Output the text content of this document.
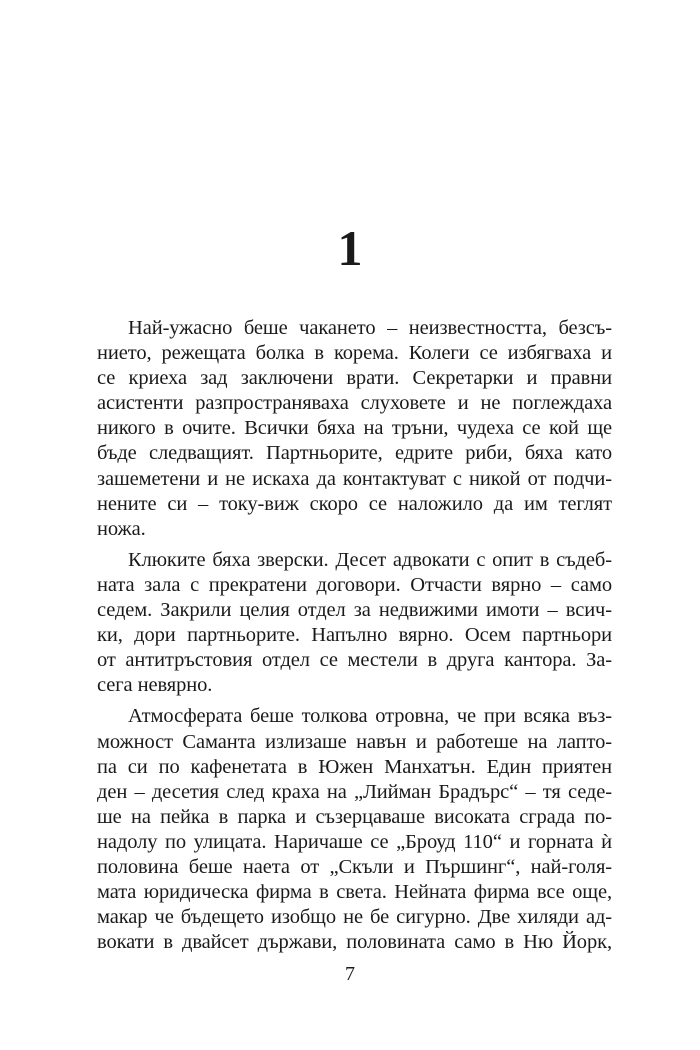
1
Най-ужасно беше чакането – неизвестността, безсъ-
нието, режещата болка в корема. Колеги се избягваха и
се криеха зад заключени врати. Секретарки и правни
асистенти разпространяваха слуховете и не поглеждаха
никого в очите. Всички бяха на тръни, чудеха се кой ще
бъде следващият. Партньорите, едрите риби, бяха като
зашеметени и не искаха да контактуват с никой от подчи-
нените си – току-виж скоро се наложило да им теглят
ножа.
Клюките бяха зверски. Десет адвокати с опит в съдеб-
ната зала с прекратени договори. Отчасти вярно – само
седем. Закрили целия отдел за недвижими имоти – всич-
ки, дори партньорите. Напълно вярно. Осем партньори
от антитръстовия отдел се местели в друга кантора. За-
сега невярно.
Атмосферата беше толкова отровна, че при всяка въз-
можност Саманта излизаше навън и работеше на лапто-
па си по кафенетата в Южен Манхатън. Един приятен
ден – десетия след краха на „Лийман Брадърс“ – тя седе-
ше на пейка в парка и съзерцаваше високата сграда по-
надолу по улицата. Наричаше се „Броуд 110“ и горната ѝ
половина беше наета от „Скъли и Пършинг“, най-голя-
мата юридическа фирма в света. Нейната фирма все още,
макар че бъдещето изобщо не бе сигурно. Две хиляди ад-
вокати в двайсет държави, половината само в Ню Йорк,
7
